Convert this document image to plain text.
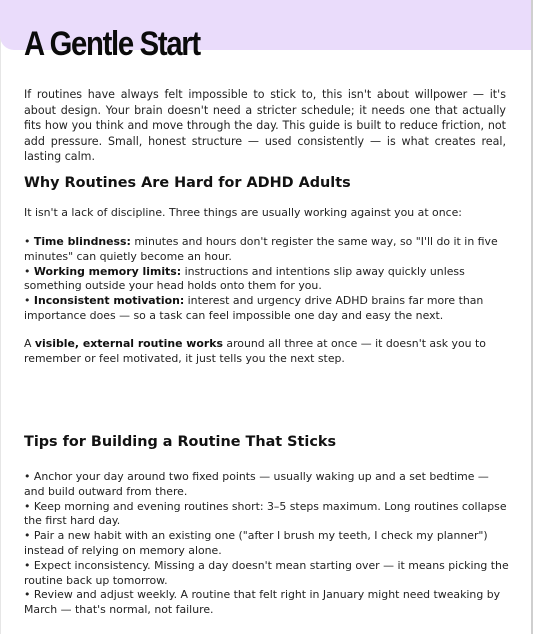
A Gentle Start

If routines have always felt impossible to stick to, this isn't about willpower — it's about design. Your brain doesn't need a stricter schedule; it needs one that actually fits how you think and move through the day. This guide is built to reduce friction, not add pressure. Small, honest structure — used consistently — is what creates real, lasting calm.

Why Routines Are Hard for ADHD Adults

It isn't a lack of discipline. Three things are usually working against you at once:

• Time blindness: minutes and hours don't register the same way, so "I'll do it in five minutes" can quietly become an hour.
• Working memory limits: instructions and intentions slip away quickly unless something outside your head holds onto them for you.
• Inconsistent motivation: interest and urgency drive ADHD brains far more than importance does — so a task can feel impossible one day and easy the next.

A visible, external routine works around all three at once — it doesn't ask you to remember or feel motivated, it just tells you the next step.

Tips for Building a Routine That Sticks
• Anchor your day around two fixed points — usually waking up and a set bedtime — and build outward from there.
• Keep morning and evening routines short: 3–5 steps maximum. Long routines collapse the first hard day.
• Pair a new habit with an existing one ("after I brush my teeth, I check my planner") instead of relying on memory alone.
• Expect inconsistency. Missing a day doesn't mean starting over — it means picking the routine back up tomorrow.
• Review and adjust weekly. A routine that felt right in January might need tweaking by March — that's normal, not failure.
